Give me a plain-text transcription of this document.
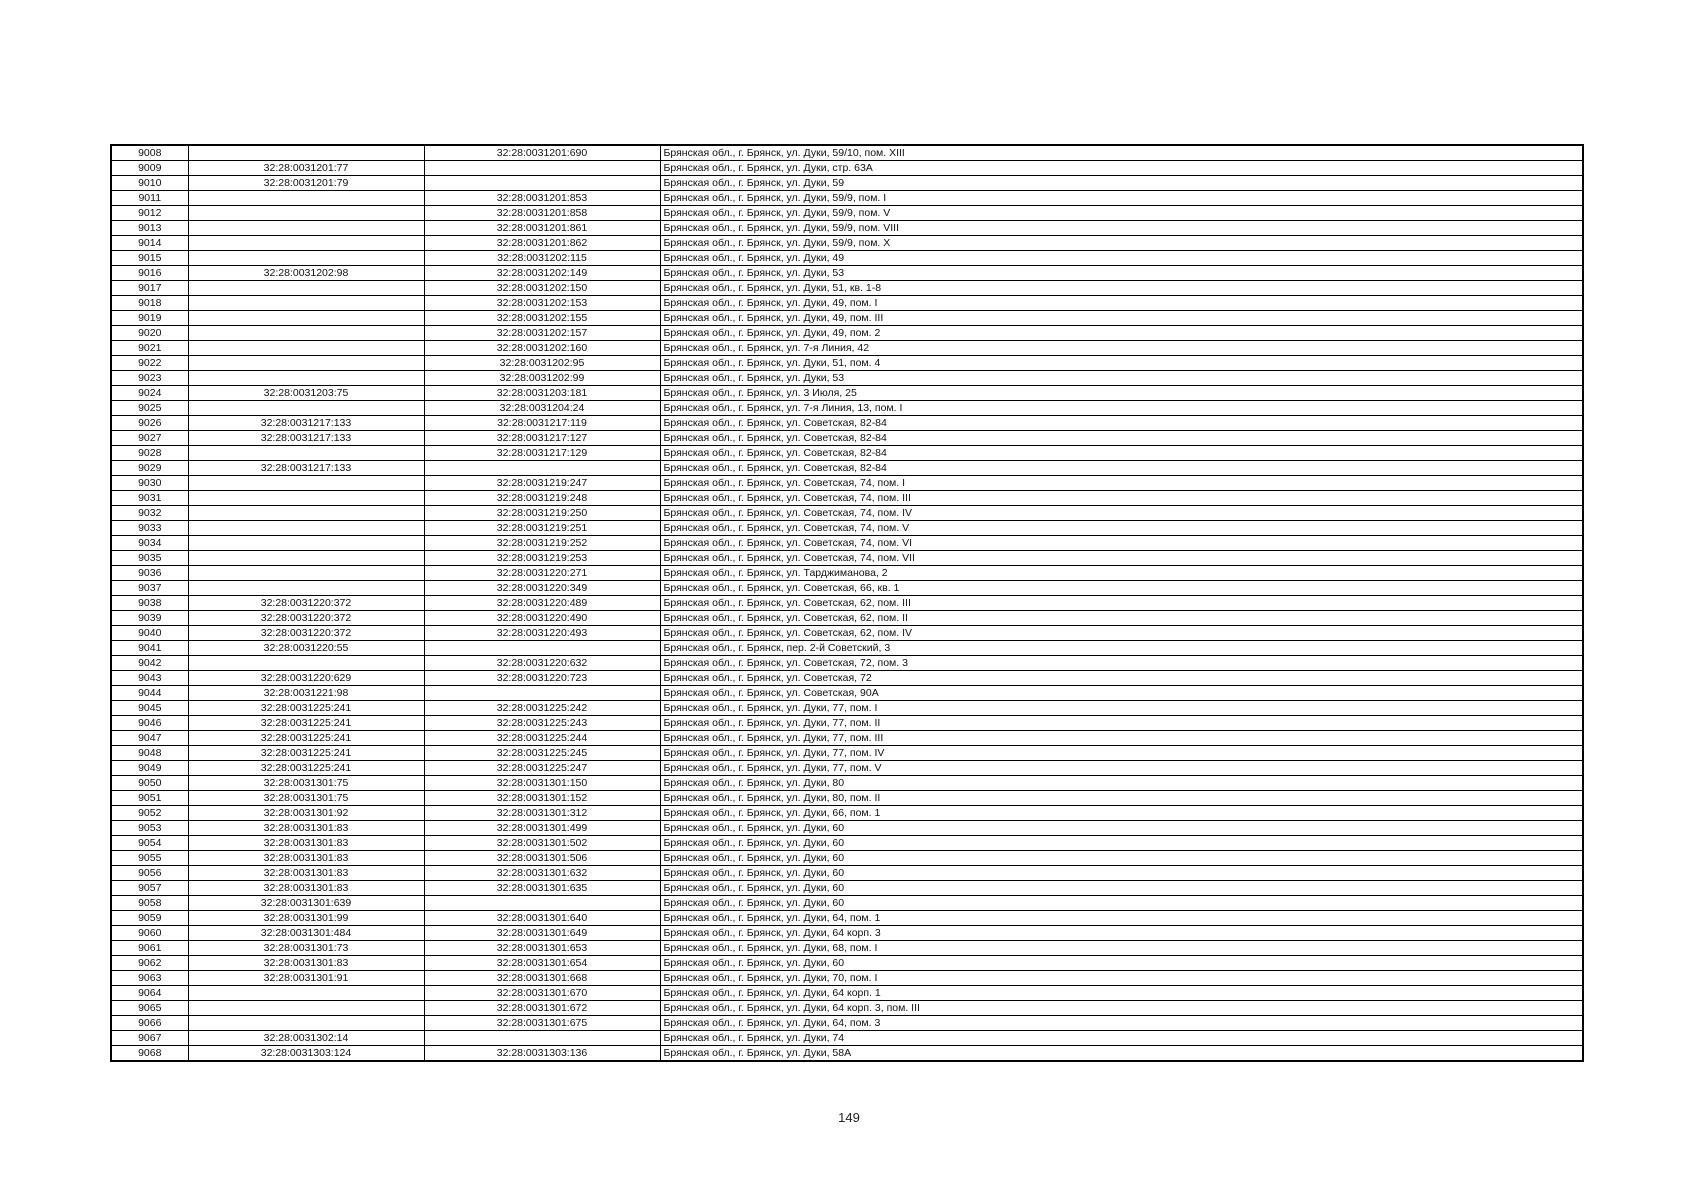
9008		32:28:0031201:690	Брянская обл., г. Брянск, ул. Дуки, 59/10, пом. XIII
9009	32:28:0031201:77		Брянская обл., г. Брянск, ул. Дуки, стр. 63А
9010	32:28:0031201:79		Брянская обл., г. Брянск, ул. Дуки, 59
9011		32:28:0031201:853	Брянская обл., г. Брянск, ул. Дуки, 59/9, пом. I
9012		32:28:0031201:858	Брянская обл., г. Брянск, ул. Дуки, 59/9, пом. V
9013		32:28:0031201:861	Брянская обл., г. Брянск, ул. Дуки, 59/9, пом. VIII
9014		32:28:0031201:862	Брянская обл., г. Брянск, ул. Дуки, 59/9, пом. X
9015		32:28:0031202:115	Брянская обл., г. Брянск, ул. Дуки, 49
9016	32:28:0031202:98	32:28:0031202:149	Брянская обл., г. Брянск, ул. Дуки, 53
9017		32:28:0031202:150	Брянская обл., г. Брянск, ул. Дуки, 51, кв. 1-8
9018		32:28:0031202:153	Брянская обл., г. Брянск, ул. Дуки, 49, пом. I
9019		32:28:0031202:155	Брянская обл., г. Брянск, ул. Дуки, 49, пом. III
9020		32:28:0031202:157	Брянская обл., г. Брянск, ул. Дуки, 49, пом. 2
9021		32:28:0031202:160	Брянская обл., г. Брянск, ул. 7-я Линия, 42
9022		32:28:0031202:95	Брянская обл., г. Брянск, ул. Дуки, 51, пом. 4
9023		32:28:0031202:99	Брянская обл., г. Брянск, ул. Дуки, 53
9024	32:28:0031203:75	32:28:0031203:181	Брянская обл., г. Брянск, ул. 3 Июля, 25
9025		32:28:0031204:24	Брянская обл., г. Брянск, ул. 7-я Линия, 13, пом. I
9026	32:28:0031217:133	32:28:0031217:119	Брянская обл., г. Брянск, ул. Советская, 82-84
9027	32:28:0031217:133	32:28:0031217:127	Брянская обл., г. Брянск, ул. Советская, 82-84
9028		32:28:0031217:129	Брянская обл., г. Брянск, ул. Советская, 82-84
9029	32:28:0031217:133		Брянская обл., г. Брянск, ул. Советская, 82-84
9030		32:28:0031219:247	Брянская обл., г. Брянск, ул. Советская, 74, пом. I
9031		32:28:0031219:248	Брянская обл., г. Брянск, ул. Советская, 74, пом. III
9032		32:28:0031219:250	Брянская обл., г. Брянск, ул. Советская, 74, пом. IV
9033		32:28:0031219:251	Брянская обл., г. Брянск, ул. Советская, 74, пом. V
9034		32:28:0031219:252	Брянская обл., г. Брянск, ул. Советская, 74, пом. VI
9035		32:28:0031219:253	Брянская обл., г. Брянск, ул. Советская, 74, пом. VII
9036		32:28:0031220:271	Брянская обл., г. Брянск, ул. Тарджиманова, 2
9037		32:28:0031220:349	Брянская обл., г. Брянск, ул. Советская, 66, кв. 1
9038	32:28:0031220:372	32:28:0031220:489	Брянская обл., г. Брянск, ул. Советская, 62, пом. III
9039	32:28:0031220:372	32:28:0031220:490	Брянская обл., г. Брянск, ул. Советская, 62, пом. II
9040	32:28:0031220:372	32:28:0031220:493	Брянская обл., г. Брянск, ул. Советская, 62, пом. IV
9041	32:28:0031220:55		Брянская обл., г. Брянск, пер. 2-й Советский, 3
9042		32:28:0031220:632	Брянская обл., г. Брянск, ул. Советская, 72, пом. 3
9043	32:28:0031220:629	32:28:0031220:723	Брянская обл., г. Брянск, ул. Советская, 72
9044	32:28:0031221:98		Брянская обл., г. Брянск, ул. Советская, 90А
9045	32:28:0031225:241	32:28:0031225:242	Брянская обл., г. Брянск, ул. Дуки, 77, пом. I
9046	32:28:0031225:241	32:28:0031225:243	Брянская обл., г. Брянск, ул. Дуки, 77, пом. II
9047	32:28:0031225:241	32:28:0031225:244	Брянская обл., г. Брянск, ул. Дуки, 77, пом. III
9048	32:28:0031225:241	32:28:0031225:245	Брянская обл., г. Брянск, ул. Дуки, 77, пом. IV
9049	32:28:0031225:241	32:28:0031225:247	Брянская обл., г. Брянск, ул. Дуки, 77, пом. V
9050	32:28:0031301:75	32:28:0031301:150	Брянская обл., г. Брянск, ул. Дуки, 80
9051	32:28:0031301:75	32:28:0031301:152	Брянская обл., г. Брянск, ул. Дуки, 80, пом. II
9052	32:28:0031301:92	32:28:0031301:312	Брянская обл., г. Брянск, ул. Дуки, 66, пом. 1
9053	32:28:0031301:83	32:28:0031301:499	Брянская обл., г. Брянск, ул. Дуки, 60
9054	32:28:0031301:83	32:28:0031301:502	Брянская обл., г. Брянск, ул. Дуки, 60
9055	32:28:0031301:83	32:28:0031301:506	Брянская обл., г. Брянск, ул. Дуки, 60
9056	32:28:0031301:83	32:28:0031301:632	Брянская обл., г. Брянск, ул. Дуки, 60
9057	32:28:0031301:83	32:28:0031301:635	Брянская обл., г. Брянск, ул. Дуки, 60
9058	32:28:0031301:639		Брянская обл., г. Брянск, ул. Дуки, 60
9059	32:28:0031301:99	32:28:0031301:640	Брянская обл., г. Брянск, ул. Дуки, 64, пом. 1
9060	32:28:0031301:484	32:28:0031301:649	Брянская обл., г. Брянск, ул. Дуки, 64 корп. 3
9061	32:28:0031301:73	32:28:0031301:653	Брянская обл., г. Брянск, ул. Дуки, 68, пом. I
9062	32:28:0031301:83	32:28:0031301:654	Брянская обл., г. Брянск, ул. Дуки, 60
9063	32:28:0031301:91	32:28:0031301:668	Брянская обл., г. Брянск, ул. Дуки, 70, пом. I
9064		32:28:0031301:670	Брянская обл., г. Брянск, ул. Дуки, 64 корп. 1
9065		32:28:0031301:672	Брянская обл., г. Брянск, ул. Дуки, 64 корп. 3, пом. III
9066		32:28:0031301:675	Брянская обл., г. Брянск, ул. Дуки, 64, пом. 3
9067	32:28:0031302:14		Брянская обл., г. Брянск, ул. Дуки, 74
9068	32:28:0031303:124	32:28:0031303:136	Брянская обл., г. Брянск, ул. Дуки, 58А
149
